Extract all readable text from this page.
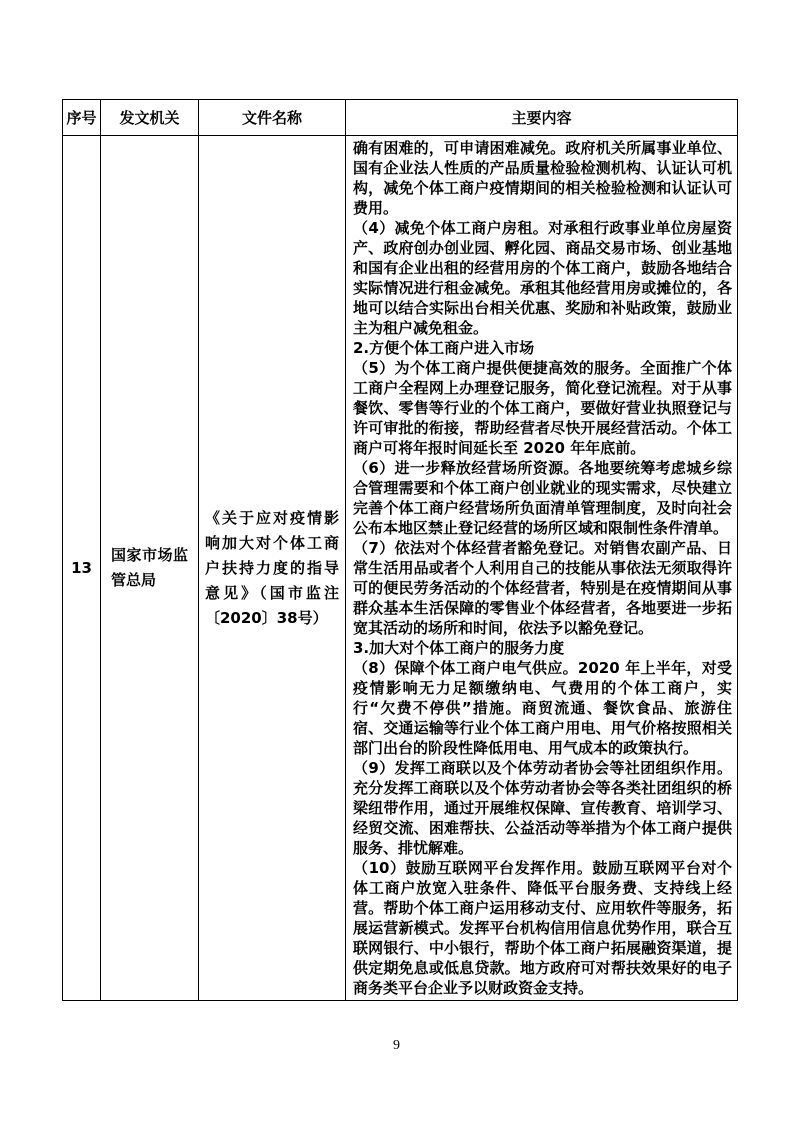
序号	发文机关	文件名称	主要内容
13	国家市场监管总局	《关于应对疫情影响加大对个体工商户扶持力度的指导意见》（国市监注〔2020〕38号）	

确有困难的，可申请困难减免。政府机关所属事业单位、国有企业法人性质的产品质量检验检测机构、认证认可机构，减免个体工商户疫情期间的相关检验检测和认证认可费用。

（4）减免个体工商户房租。对承租行政事业单位房屋资产、政府创办创业园、孵化园、商品交易市场、创业基地和国有企业出租的经营用房的个体工商户，鼓励各地结合实际情况进行租金减免。承租其他经营用房或摊位的，各地可以结合实际出台相关优惠、奖励和补贴政策，鼓励业主为租户减免租金。

2.方便个体工商户进入市场

（5）为个体工商户提供便捷高效的服务。全面推广个体工商户全程网上办理登记服务，简化登记流程。对于从事餐饮、零售等行业的个体工商户，要做好营业执照登记与许可审批的衔接，帮助经营者尽快开展经营活动。个体工商户可将年报时间延长至 2020 年年底前。

（6）进一步释放经营场所资源。各地要统筹考虑城乡综合管理需要和个体工商户创业就业的现实需求，尽快建立完善个体工商户经营场所负面清单管理制度，及时向社会公布本地区禁止登记经营的场所区域和限制性条件清单。

（7）依法对个体经营者豁免登记。对销售农副产品、日常生活用品或者个人利用自己的技能从事依法无须取得许可的便民劳务活动的个体经营者，特别是在疫情期间从事群众基本生活保障的零售业个体经营者，各地要进一步拓宽其活动的场所和时间，依法予以豁免登记。

3.加大对个体工商户的服务力度

（8）保障个体工商户电气供应。2020 年上半年，对受疫情影响无力足额缴纳电、气费用的个体工商户，实行“欠费不停供”措施。商贸流通、餐饮食品、旅游住宿、交通运输等行业个体工商户用电、用气价格按照相关部门出台的阶段性降低用电、用气成本的政策执行。

（9）发挥工商联以及个体劳动者协会等社团组织作用。充分发挥工商联以及个体劳动者协会等各类社团组织的桥梁纽带作用，通过开展维权保障、宣传教育、培训学习、经贸交流、困难帮扶、公益活动等举措为个体工商户提供服务、排忧解难。

（10）鼓励互联网平台发挥作用。鼓励互联网平台对个体工商户放宽入驻条件、降低平台服务费、支持线上经营。帮助个体工商户运用移动支付、应用软件等服务，拓展运营新模式。发挥平台机构信用信息优势作用，联合互联网银行、中小银行，帮助个体工商户拓展融资渠道，提供定期免息或低息贷款。地方政府可对帮扶效果好的电子商务类平台企业予以财政资金支持。

9
